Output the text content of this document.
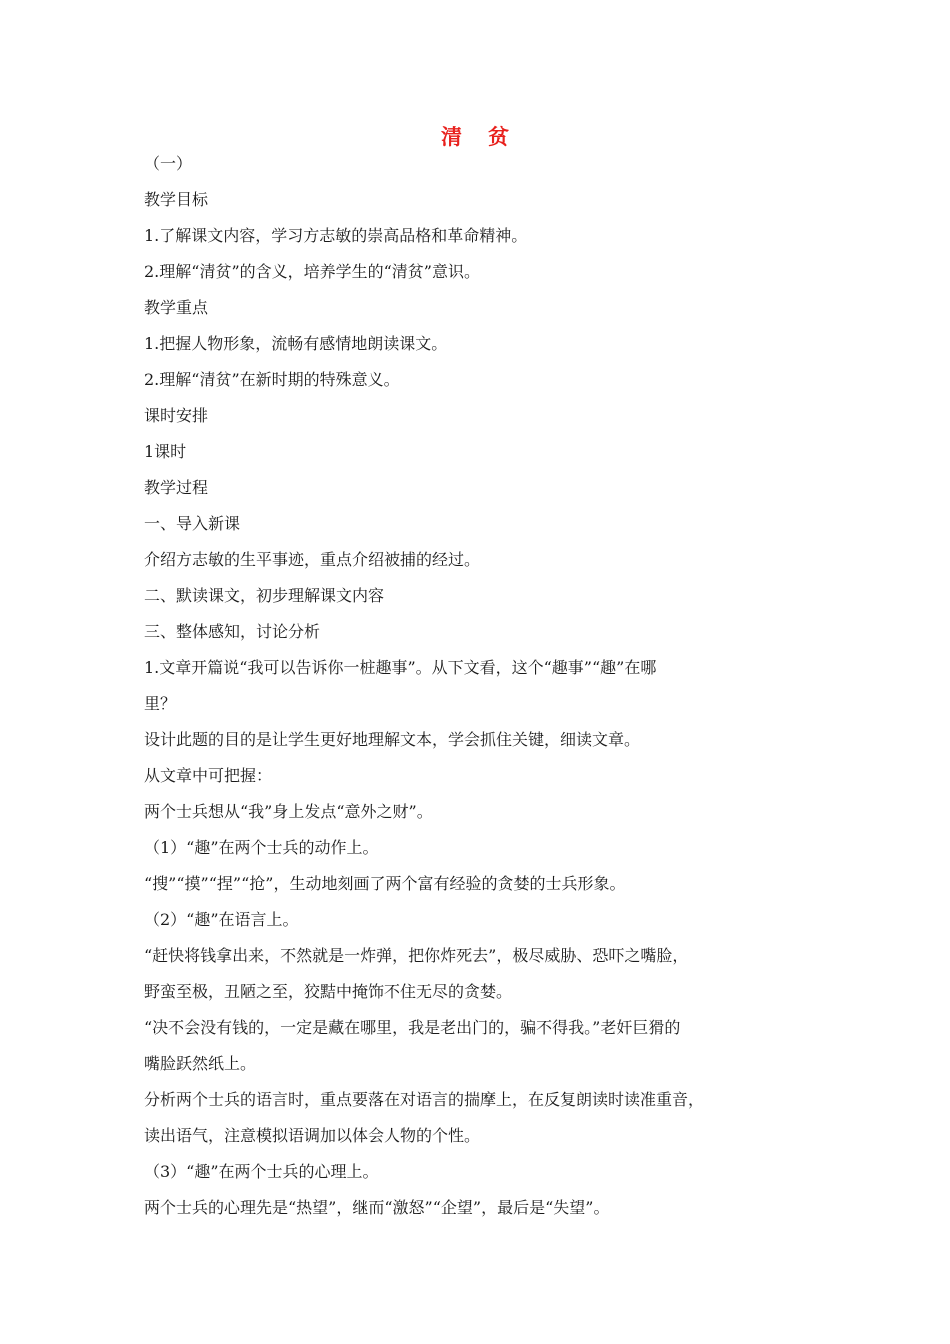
清 贫
（一）
教学目标
1.了解课文内容，学习方志敏的崇高品格和革命精神。
2.理解“清贫”的含义，培养学生的“清贫”意识。
教学重点
1.把握人物形象，流畅有感情地朗读课文。
2.理解“清贫”在新时期的特殊意义。
课时安排
1课时
教学过程
一、导入新课
介绍方志敏的生平事迹，重点介绍被捕的经过。
二、默读课文，初步理解课文内容
三、整体感知，讨论分析
1.文章开篇说“我可以告诉你一桩趣事”。从下文看，这个“趣事”“趣”在哪
里？
设计此题的目的是让学生更好地理解文本，学会抓住关键，细读文章。
从文章中可把握：
两个士兵想从“我”身上发点“意外之财”。
（1）“趣”在两个士兵的动作上。
“搜”“摸”“捏”“抢”，生动地刻画了两个富有经验的贪婪的士兵形象。
（2）“趣”在语言上。
“赶快将钱拿出来，不然就是一炸弹，把你炸死去”，极尽威胁、恐吓之嘴脸，
野蛮至极，丑陋之至，狡黠中掩饰不住无尽的贪婪。
“决不会没有钱的，一定是藏在哪里，我是老出门的，骗不得我。”老奸巨猾的
嘴脸跃然纸上。
分析两个士兵的语言时，重点要落在对语言的揣摩上，在反复朗读时读准重音，
读出语气，注意模拟语调加以体会人物的个性。
（3）“趣”在两个士兵的心理上。
两个士兵的心理先是“热望”，继而“激怒”“企望”，最后是“失望”。
